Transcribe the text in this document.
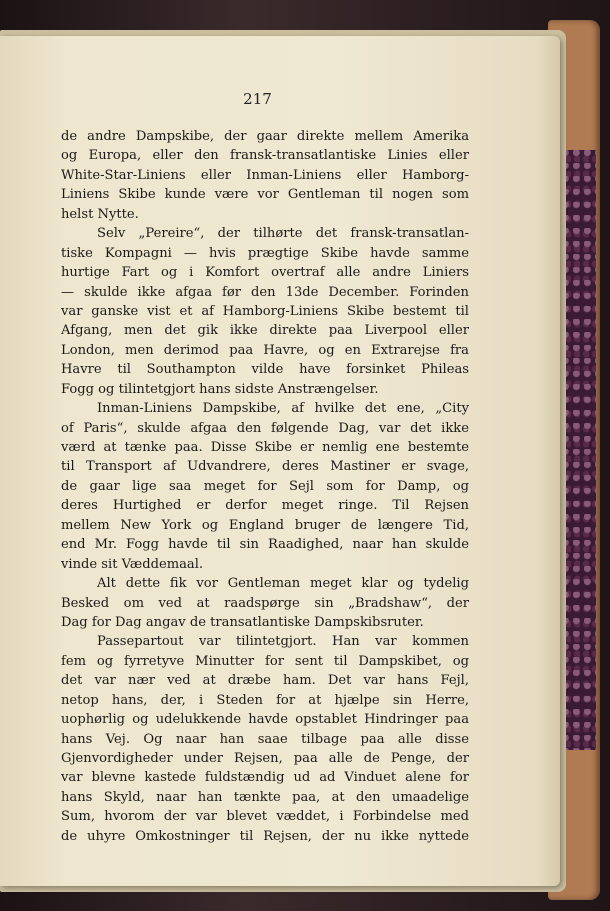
217
de andre Dampskibe, der gaar direkte mellem Amerika
og Europa, eller den fransk-transatlantiske Linies eller
White-Star-Liniens eller Inman-Liniens eller Hamborg-
Liniens Skibe kunde være vor Gentleman til nogen som
helst Nytte.
Selv „Pereire“, der tilhørte det fransk-transatlan-
tiske Kompagni — hvis prægtige Skibe havde samme
hurtige Fart og i Komfort overtraf alle andre Liniers
— skulde ikke afgaa før den 13de December. Forinden
var ganske vist et af Hamborg-Liniens Skibe bestemt til
Afgang, men det gik ikke direkte paa Liverpool eller
London, men derimod paa Havre, og en Extrarejse fra
Havre til Southampton vilde have forsinket Phileas
Fogg og tilintetgjort hans sidste Anstrængelser.
Inman-Liniens Dampskibe, af hvilke det ene, „City
of Paris“, skulde afgaa den følgende Dag, var det ikke
værd at tænke paa. Disse Skibe er nemlig ene bestemte
til Transport af Udvandrere, deres Mastiner er svage,
de gaar lige saa meget for Sejl som for Damp, og
deres Hurtighed er derfor meget ringe. Til Rejsen
mellem New York og England bruger de længere Tid,
end Mr. Fogg havde til sin Raadighed, naar han skulde
vinde sit Væddemaal.
Alt dette fik vor Gentleman meget klar og tydelig
Besked om ved at raadspørge sin „Bradshaw“, der
Dag for Dag angav de transatlantiske Dampskibsruter.
Passepartout var tilintetgjort. Han var kommen
fem og fyrretyve Minutter for sent til Dampskibet, og
det var nær ved at dræbe ham. Det var hans Fejl,
netop hans, der, i Steden for at hjælpe sin Herre,
uophørlig og udelukkende havde opstablet Hindringer paa
hans Vej. Og naar han saae tilbage paa alle disse
Gjenvordigheder under Rejsen, paa alle de Penge, der
var blevne kastede fuldstændig ud ad Vinduet alene for
hans Skyld, naar han tænkte paa, at den umaadelige
Sum, hvorom der var blevet væddet, i Forbindelse med
de uhyre Omkostninger til Rejsen, der nu ikke nyttede
